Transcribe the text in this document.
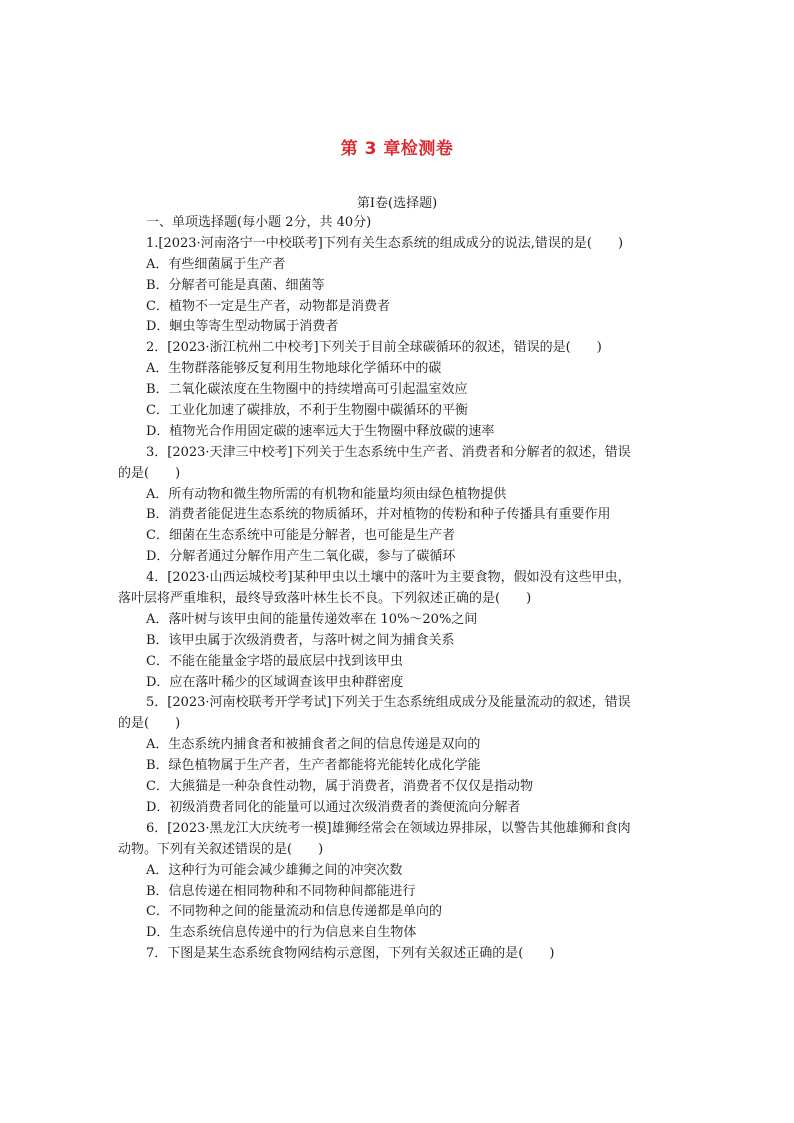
第 3 章检测卷
第Ⅰ卷(选择题)
一、单项选择题(每小题 2分，共 40分)
1.[2023·河南洛宁一中校联考]下列有关生态系统的组成成分的说法,错误的是(　　)
A．有些细菌属于生产者
B．分解者可能是真菌、细菌等
C．植物不一定是生产者，动物都是消费者
D．蛔虫等寄生型动物属于消费者
2．[2023·浙江杭州二中校考]下列关于目前全球碳循环的叙述，错误的是(　　)
A．生物群落能够反复利用生物地球化学循环中的碳
B．二氧化碳浓度在生物圈中的持续增高可引起温室效应
C．工业化加速了碳排放，不利于生物圈中碳循环的平衡
D．植物光合作用固定碳的速率远大于生物圈中释放碳的速率
3．[2023·天津三中校考]下列关于生态系统中生产者、消费者和分解者的叙述，错误
的是(　　)
A．所有动物和微生物所需的有机物和能量均须由绿色植物提供
B．消费者能促进生态系统的物质循环，并对植物的传粉和种子传播具有重要作用
C．细菌在生态系统中可能是分解者，也可能是生产者
D．分解者通过分解作用产生二氧化碳，参与了碳循环
4．[2023·山西运城校考]某种甲虫以土壤中的落叶为主要食物，假如没有这些甲虫，
落叶层将严重堆积，最终导致落叶林生长不良。下列叙述正确的是(　　)
A．落叶树与该甲虫间的能量传递效率在 10%～20%之间
B．该甲虫属于次级消费者，与落叶树之间为捕食关系
C．不能在能量金字塔的最底层中找到该甲虫
D．应在落叶稀少的区域调查该甲虫种群密度
5．[2023·河南校联考开学考试]下列关于生态系统组成成分及能量流动的叙述，错误
的是(　　)
A．生态系统内捕食者和被捕食者之间的信息传递是双向的
B．绿色植物属于生产者，生产者都能将光能转化成化学能
C．大熊猫是一种杂食性动物，属于消费者，消费者不仅仅是指动物
D．初级消费者同化的能量可以通过次级消费者的粪便流向分解者
6．[2023·黑龙江大庆统考一模]雄狮经常会在领域边界排尿，以警告其他雄狮和食肉
动物。下列有关叙述错误的是(　　)
A．这种行为可能会减少雄狮之间的冲突次数
B．信息传递在相同物种和不同物种间都能进行
C．不同物种之间的能量流动和信息传递都是单向的
D．生态系统信息传递中的行为信息来自生物体
7．下图是某生态系统食物网结构示意图，下列有关叙述正确的是(　　)
